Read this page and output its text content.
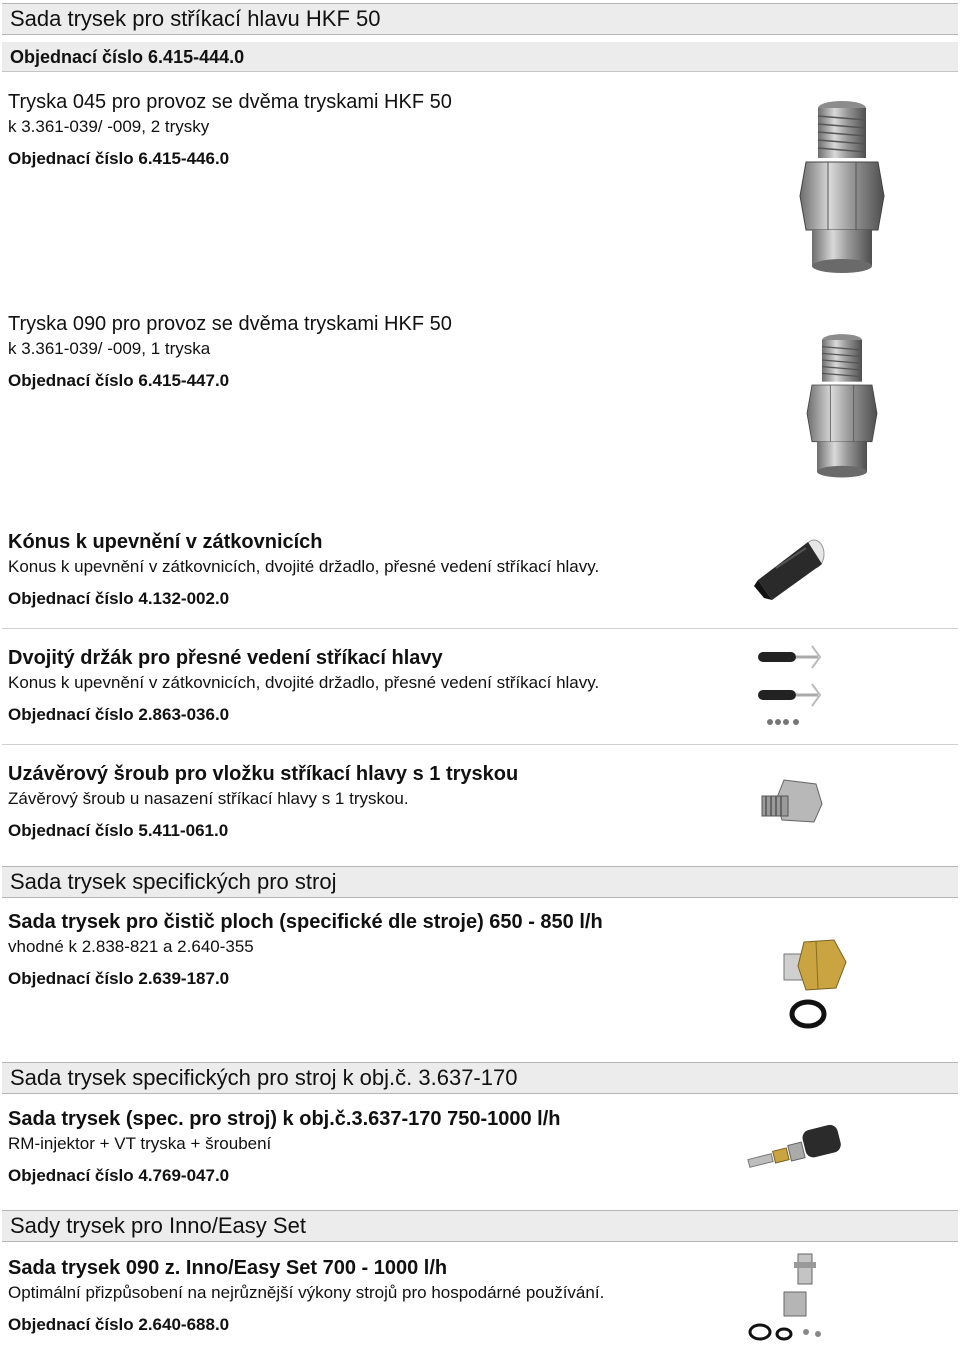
Sada trysek pro stříkací hlavu HKF 50
Objednací číslo 6.415-444.0
Tryska 045 pro provoz se dvěma tryskami HKF 50
k 3.361-039/ -009, 2 trysky
Objednací číslo 6.415-446.0
Tryska 090 pro provoz se dvěma tryskami HKF 50
k 3.361-039/ -009, 1 tryska
Objednací číslo 6.415-447.0
Kónus k upevnění v zátkovnicích
Konus k upevnění v zátkovnicích, dvojité držadlo, přesné vedení stříkací hlavy.
Objednací číslo 4.132-002.0
Dvojitý držák pro přesné vedení stříkací hlavy
Konus k upevnění v zátkovnicích, dvojité držadlo, přesné vedení stříkací hlavy.
Objednací číslo 2.863-036.0
Uzávěrový šroub pro vložku stříkací hlavy s 1 tryskou
Závěrový šroub u nasazení stříkací hlavy s 1 tryskou.
Objednací číslo 5.411-061.0
Sada trysek specifických pro stroj
Sada trysek pro čistič ploch (specifické dle stroje) 650 - 850 l/h
vhodné k 2.838-821 a 2.640-355
Objednací číslo 2.639-187.0
Sada trysek specifických pro stroj k obj.č. 3.637-170
Sada trysek (spec. pro stroj) k obj.č.3.637-170 750-1000 l/h
RM-injektor + VT tryska + šroubení
Objednací číslo 4.769-047.0
Sady trysek pro Inno/Easy Set
Sada trysek 090 z. Inno/Easy Set 700 - 1000 l/h
Optimální přizpůsobení na nejrůznější výkony strojů pro hospodárné používání.
Objednací číslo 2.640-688.0
